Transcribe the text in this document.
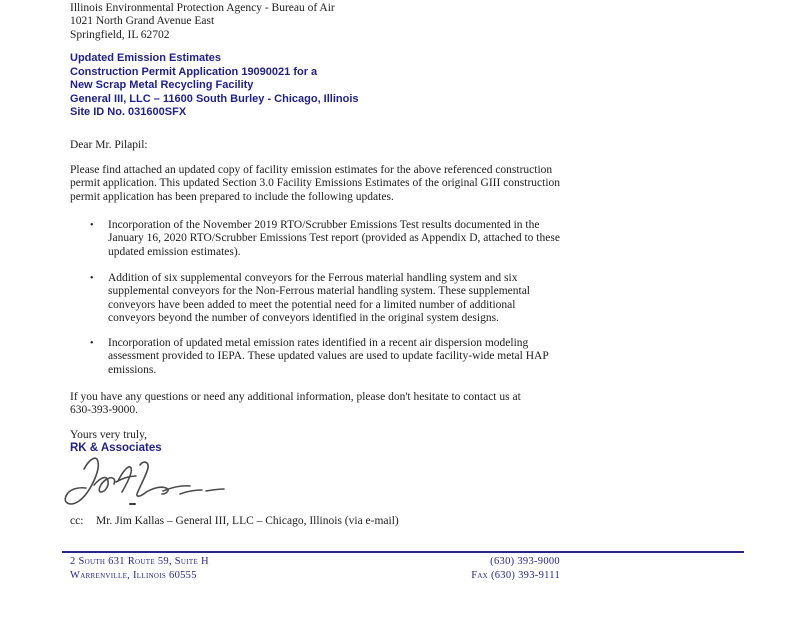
Illinois Environmental Protection Agency - Bureau of Air
1021 North Grand Avenue East
Springfield, IL 62702
Updated Emission Estimates
Construction Permit Application 19090021 for a
New Scrap Metal Recycling Facility
General III, LLC – 11600 South Burley - Chicago, Illinois
Site ID No. 031600SFX
Dear Mr. Pilapil:
Please find attached an updated copy of facility emission estimates for the above referenced construction permit application. This updated Section 3.0 Facility Emissions Estimates of the original GIII construction permit application has been prepared to include the following updates.
•	Incorporation of the November 2019 RTO/Scrubber Emissions Test results documented in the January 16, 2020 RTO/Scrubber Emissions Test report (provided as Appendix D, attached to these updated emission estimates).
•	Addition of six supplemental conveyors for the Ferrous material handling system and six supplemental conveyors for the Non-Ferrous material handling system. These supplemental conveyors have been added to meet the potential need for a limited number of additional conveyors beyond the number of conveyors identified in the original system designs.
•	Incorporation of updated metal emission rates identified in a recent air dispersion modeling assessment provided to IEPA. These updated values are used to update facility-wide metal HAP emissions.
If you have any questions or need any additional information, please don't hesitate to contact us at 630-393-9000.
Yours very truly,
RK & Associates
cc:	Mr. Jim Kallas – General III, LLC – Chicago, Illinois (via e-mail)
2 South 631 Route 59, Suite H
Warrenville, Illinois 60555
(630) 393-9000
Fax (630) 393-9111
